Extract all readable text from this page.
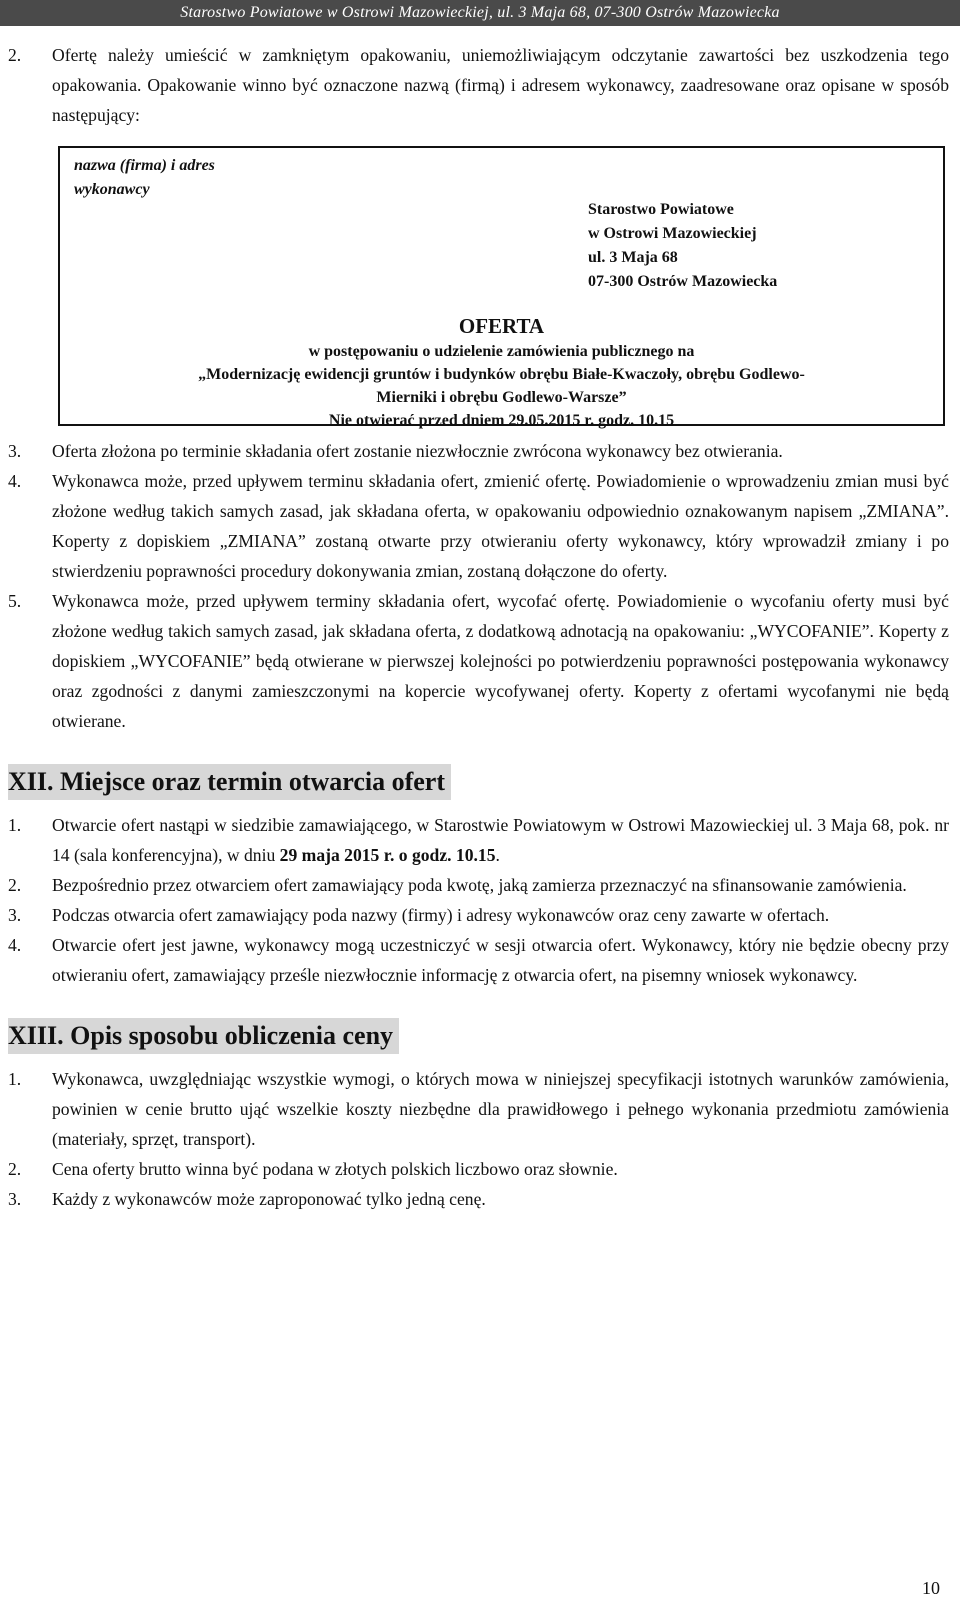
Starostwo Powiatowe w Ostrowi Mazowieckiej, ul. 3 Maja 68, 07-300 Ostrów Mazowiecka
2.	Ofertę należy umieścić w zamkniętym opakowaniu, uniemożliwiającym odczytanie zawartości bez uszkodzenia tego opakowania. Opakowanie winno być oznaczone nazwą (firmą) i adresem wykonawcy, zaadresowane oraz opisane w sposób następujący:
nazwa (firma) i adres
wykonawcy
Starostwo Powiatowe
w Ostrowi Mazowieckiej
ul. 3 Maja 68
07-300 Ostrów Mazowiecka
OFERTA
w postępowaniu o udzielenie zamówienia publicznego na
„Modernizację ewidencji gruntów i budynków obrębu Białe-Kwaczoły, obrębu Godlewo-
Mierniki i obrębu Godlewo-Warsze”
Nie otwierać przed dniem 29.05.2015 r. godz. 10.15
3.	Oferta złożona po terminie składania ofert zostanie niezwłocznie zwrócona wykonawcy bez otwierania.
4.	Wykonawca może, przed upływem terminu składania ofert, zmienić ofertę. Powiadomienie o wprowadzeniu zmian musi być złożone według takich samych zasad, jak składana oferta, w opakowaniu odpowiednio oznakowanym napisem „ZMIANA”. Koperty z dopiskiem „ZMIANA” zostaną otwarte przy otwieraniu oferty wykonawcy, który wprowadził zmiany i po stwierdzeniu poprawności procedury dokonywania zmian, zostaną dołączone do oferty.
5.	Wykonawca może, przed upływem terminy składania ofert, wycofać ofertę. Powiadomienie o wycofaniu oferty musi być złożone według takich samych zasad, jak składana oferta, z dodatkową adnotacją na opakowaniu: „WYCOFANIE”. Koperty z dopiskiem „WYCOFANIE” będą otwierane w pierwszej kolejności po potwierdzeniu poprawności postępowania wykonawcy oraz zgodności z danymi zamieszczonymi na kopercie wycofywanej oferty. Koperty z ofertami wycofanymi nie będą otwierane.
XII. Miejsce oraz termin otwarcia ofert
1.	Otwarcie ofert nastąpi w siedzibie zamawiającego, w Starostwie Powiatowym w Ostrowi Mazowieckiej ul. 3 Maja 68, pok. nr 14 (sala konferencyjna), w dniu 29 maja 2015 r. o godz. 10.15.
2.	Bezpośrednio przez otwarciem ofert zamawiający poda kwotę, jaką zamierza przeznaczyć na sfinansowanie zamówienia.
3.	Podczas otwarcia ofert zamawiający poda nazwy (firmy) i adresy wykonawców oraz ceny zawarte w ofertach.
4.	Otwarcie ofert jest jawne, wykonawcy mogą uczestniczyć w sesji otwarcia ofert. Wykonawcy, który nie będzie obecny przy otwieraniu ofert, zamawiający prześle niezwłocznie informację z otwarcia ofert, na pisemny wniosek wykonawcy.
XIII. Opis sposobu obliczenia ceny
1.	Wykonawca, uwzględniając wszystkie wymogi, o których mowa w niniejszej specyfikacji istotnych warunków zamówienia, powinien w cenie brutto ująć wszelkie koszty niezbędne dla prawidłowego i pełnego wykonania przedmiotu zamówienia (materiały, sprzęt, transport).
2.	Cena oferty brutto winna być podana w złotych polskich liczbowo oraz słownie.
3.	Każdy z wykonawców może zaproponować tylko jedną cenę.
10
